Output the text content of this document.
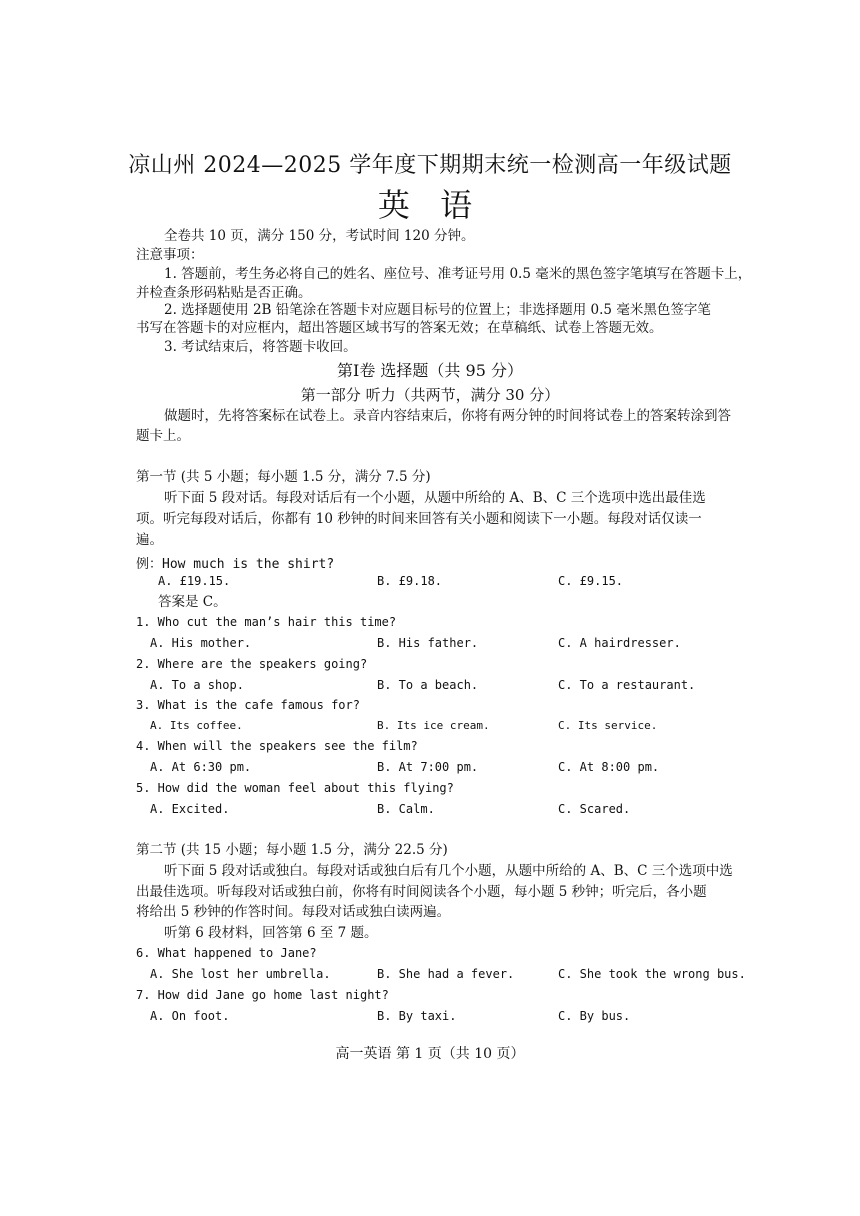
凉山州 2024—2025 学年度下期期末统一检测高一年级试题
英 语
全卷共 10 页，满分 150 分，考试时间 120 分钟。
注意事项：
1. 答题前，考生务必将自己的姓名、座位号、准考证号用 0.5 毫米的黑色签字笔填写在答题卡上，
并检查条形码粘贴是否正确。
2. 选择题使用 2B 铅笔涂在答题卡对应题目标号的位置上；非选择题用 0.5 毫米黑色签字笔
书写在答题卡的对应框内，超出答题区域书写的答案无效；在草稿纸、试卷上答题无效。
3. 考试结束后，将答题卡收回。
第Ⅰ卷 选择题（共 95 分）
第一部分 听力（共两节，满分 30 分）
做题时，先将答案标在试卷上。录音内容结束后，你将有两分钟的时间将试卷上的答案转涂到答
题卡上。
第一节 (共 5 小题；每小题 1.5 分，满分 7.5 分)
听下面 5 段对话。每段对话后有一个小题，从题中所给的 A、B、C 三个选项中选出最佳选
项。听完每段对话后，你都有 10 秒钟的时间来回答有关小题和阅读下一小题。每段对话仅读一
遍。
例：How much is the shirt?
A. £19.15.	B. £9.18.	C. £9.15.
答案是 C。
1. Who cut the man’s hair this time?
A. His mother.	B. His father.	C. A hairdresser.
2. Where are the speakers going?
A. To a shop.	B. To a beach.	C. To a restaurant.
3. What is the cafe famous for?
A. Its coffee.	B. Its ice cream.	C. Its service.
4. When will the speakers see the film?
A. At 6:30 pm.	B. At 7:00 pm.	C. At 8:00 pm.
5. How did the woman feel about this flying?
A. Excited.	B. Calm.	C. Scared.
第二节 (共 15 小题；每小题 1.5 分，满分 22.5 分)
听下面 5 段对话或独白。每段对话或独白后有几个小题，从题中所给的 A、B、C 三个选项中选
出最佳选项。听每段对话或独白前，你将有时间阅读各个小题，每小题 5 秒钟；听完后，各小题
将给出 5 秒钟的作答时间。每段对话或独白读两遍。
听第 6 段材料，回答第 6 至 7 题。
6. What happened to Jane?
A. She lost her umbrella.	B. She had a fever.	C. She took the wrong bus.
7. How did Jane go home last night?
A. On foot.	B. By taxi.	C. By bus.
高一英语 第 1 页（共 10 页）
